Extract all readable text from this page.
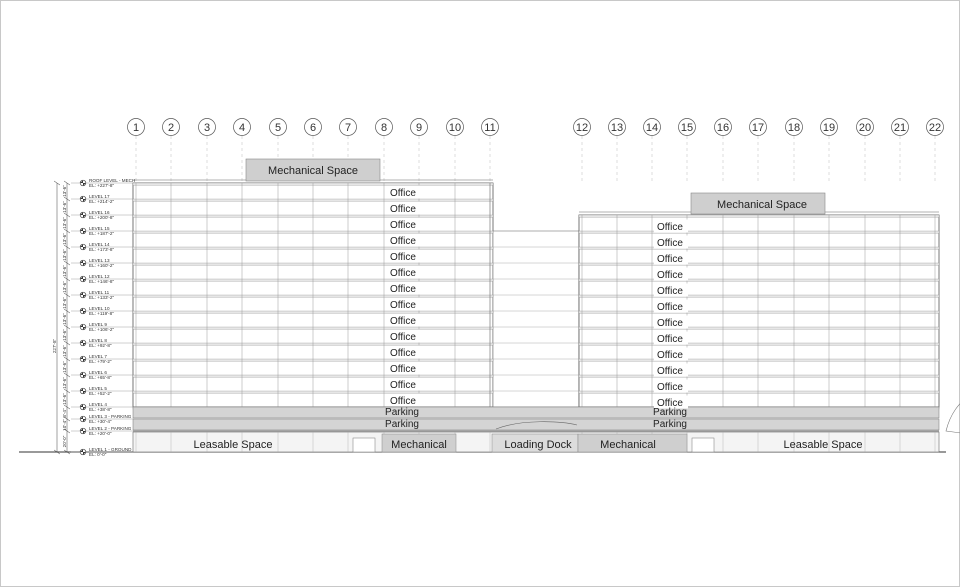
1	2	3	4	5	6	7	8	9 10 11	12 13 14 15 16 17 18 19 20 21 22
Mechanical Space
Mechanical Space
Office
Office
Office
Office
Office
Office
Office
Office
Office
Office
Office
Office
Office
Office
Office
Office
Office
Office
Office
Office
Office
Office
Office
Office
Office
Office
Parking
Parking
Parking
Parking
Leasable Space	Mechanical	Loading Dock	Mechanical	Leasable Space
ROOF LEVEL - MECH
EL: +227'-8"
LEVEL 17
EL: +214'-2"
LEVEL 16
EL: +200'-8"
LEVEL 15
EL: +187'-2"
LEVEL 14
EL: +173'-8"
LEVEL 13
EL: +160'-2"
LEVEL 12
EL: +146'-8"
LEVEL 11
EL: +133'-2"
LEVEL 10
EL: +119'-8"
LEVEL 9
EL: +106'-2"
LEVEL 8
EL: +92'-8"
LEVEL 7
EL: +79'-2"
LEVEL 6
EL: +65'-8"
LEVEL 5
EL: +52'-2"
LEVEL 4
EL: +38'-8"
LEVEL 3 - PARKING
EL: +30'-4"
LEVEL 2 - PARKING
EL: +20'-0"
LEVEL 1 - GROUND
EL: 0'-0"
227'-8"
13'-6"
13'-6"
13'-6"
13'-6"
13'-6"
13'-6"
13'-6"
13'-6"
13'-6"
13'-6"
13'-6"
13'-6"
13'-6"
13'-6"
8'-4"
10'-4"
20'-0"
